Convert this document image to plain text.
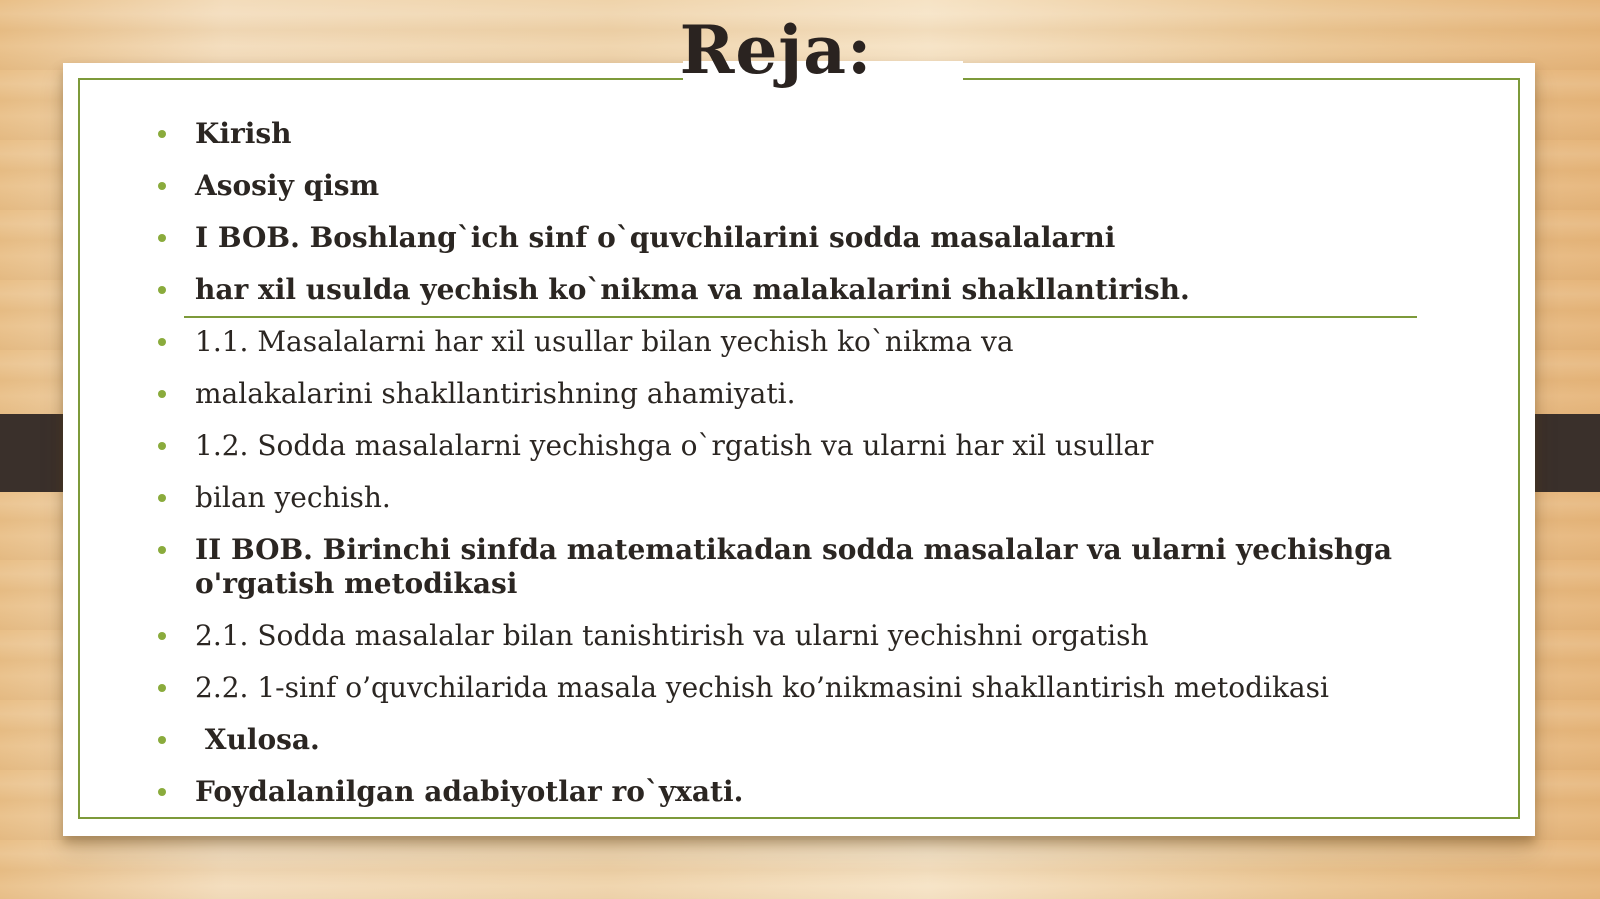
Reja:
Kirish
Asosiy qism
I BOB. Boshlang`ich sinf o`quvchilarini sodda masalalarni
har xil usulda yechish ko`nikma va malakalarini shakllantirish.
1.1. Masalalarni har xil usullar bilan yechish ko`nikma va
malakalarini shakllantirishning ahamiyati.
1.2. Sodda masalalarni yechishga o`rgatish va ularni har xil usullar
bilan yechish.
II BOB. Birinchi sinfda matematikadan sodda masalalar va ularni yechishga o'rgatish metodikasi
2.1. Sodda masalalar bilan tanishtirish va ularni yechishni orgatish
2.2. 1-sinf o’quvchilarida masala yechish ko’nikmasini shakllantirish metodikasi
Xulosa.
Foydalanilgan adabiyotlar ro`yxati.
